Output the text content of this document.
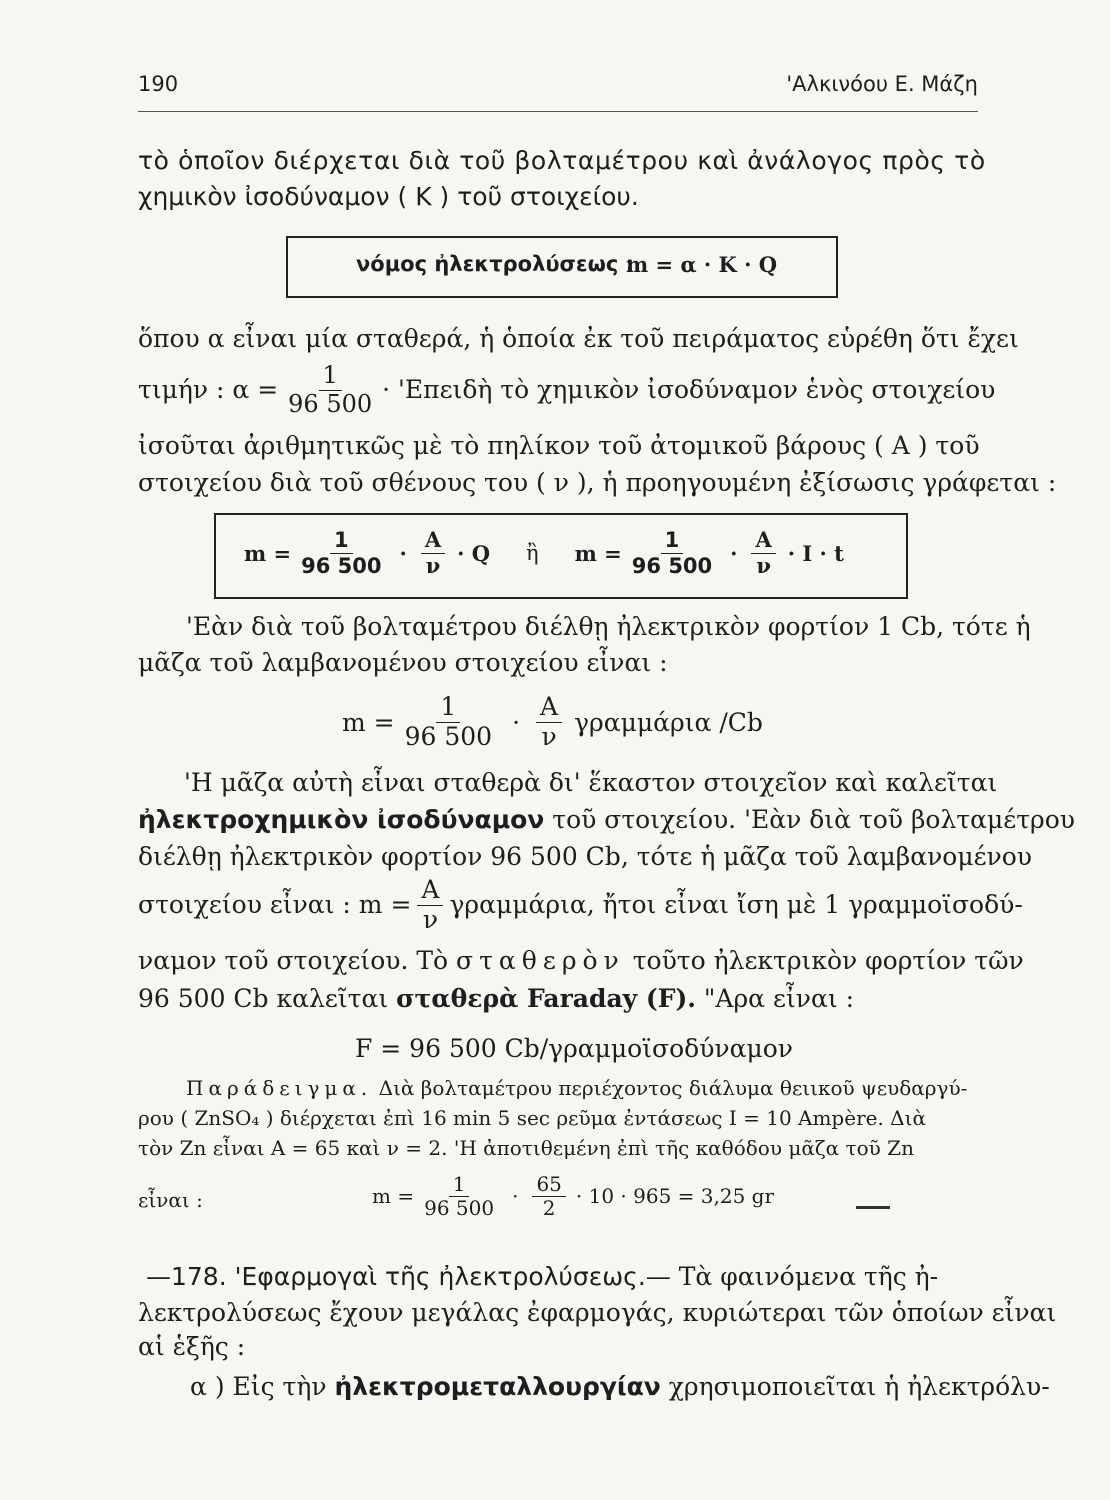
190	'Αλκινόου Ε. Μάζη
τὸ ὁποῖον διέρχεται διὰ τοῦ βολταμέτρου καὶ ἀνάλογος πρὸς τὸ
χημικὸν ἰσοδύναμον ( Κ ) τοῦ στοιχείου.
νόμος ἠλεκτρολύσεως :
m = α · K · Q
ὅπου α εἶναι μία σταθερά, ἡ ὁποία ἐκ τοῦ πειράματος εὑρέθη ὅτι ἔχει
τιμήν : $\alpha = \frac{1}{96 500}$ · 'Επειδὴ τὸ χημικὸν ἰσοδύναμον ἑνὸς στοιχείου
ἰσοῦται ἀριθμητικῶς μὲ τὸ πηλίκον τοῦ ἀτομικοῦ βάρους ( Α ) τοῦ
στοιχείου διὰ τοῦ σθένους του ( ν ), ἡ προηγουμένη ἐξίσωσις γράφεται :
$m = \frac{1}{96 500} \cdot \frac{A}{\nu} \cdot Q$ ἢ $m = \frac{1}{96 500} \cdot \frac{A}{\nu} \cdot I \cdot t$
'Εὰν διὰ τοῦ βολταμέτρου διέλθῃ ἠλεκτρικὸν φορτίον 1 Cb, τότε ἡ
μᾶζα τοῦ λαμβανομένου στοιχείου εἶναι :
$m = \frac{1}{96 500} \cdot \frac{A}{\nu}$ γραμμάρια /Cb
'Η μᾶζα αὐτὴ εἶναι σταθερὰ δι' ἕκαστον στοιχεῖον καὶ καλεῖται
ἠλεκτροχημικὸν ἰσοδύναμον τοῦ στοιχείου. 'Εὰν διὰ τοῦ βολταμέτρου
διέλθῃ ἠλεκτρικὸν φορτίον 96 500 Cb, τότε ἡ μᾶζα τοῦ λαμβανομένου
στοιχείου εἶναι : $m = \frac{A}{\nu} \gamma\rho\alpha\mu\mu ά\rho\iota\alpha$, ἤτοι εἶναι ἴση μὲ 1 γραμμοϊσοδύ-
ναμον τοῦ στοιχείου. Τὸ σταθερὸν τοῦτο ἠλεκτρικὸν φορτίον τῶν
96 500 Cb καλεῖται σταθερὰ Faraday (F). "Αρα εἶναι :
F = 96 500 Cb/γραμμοϊσοδύναμον
Παράδειγμα. Διὰ βολταμέτρου περιέχοντος διάλυμα θειικοῦ ψευδαργύ-
ρου ( ZnSO₄ ) διέρχεται ἐπὶ 16 min 5 sec ρεῦμα ἐντάσεως I = 10 Ampère. Διὰ
τὸν Zn εἶναι A = 65 καὶ ν = 2. 'Η ἀποτιθεμένη ἐπὶ τῆς καθόδου μᾶζα τοῦ Zn
εἶναι :	$m = \frac{1}{96 500} \cdot \frac{65}{2} \cdot 10 \cdot 965 = 3,25$ gr
—178. 'Εφαρμογαὶ τῆς ἠλεκτρολύσεως.— Τὰ φαινόμενα τῆς ἠ-
λεκτρολύσεως ἔχουν μεγάλας ἐφαρμογάς, κυριώτεραι τῶν ὁποίων εἶναι
αἱ ἑξῆς :
α ) Εἰς τὴν ἠλεκτρομεταλλουργίαν χρησιμοποιεῖται ἡ ἠλεκτρόλυ-
